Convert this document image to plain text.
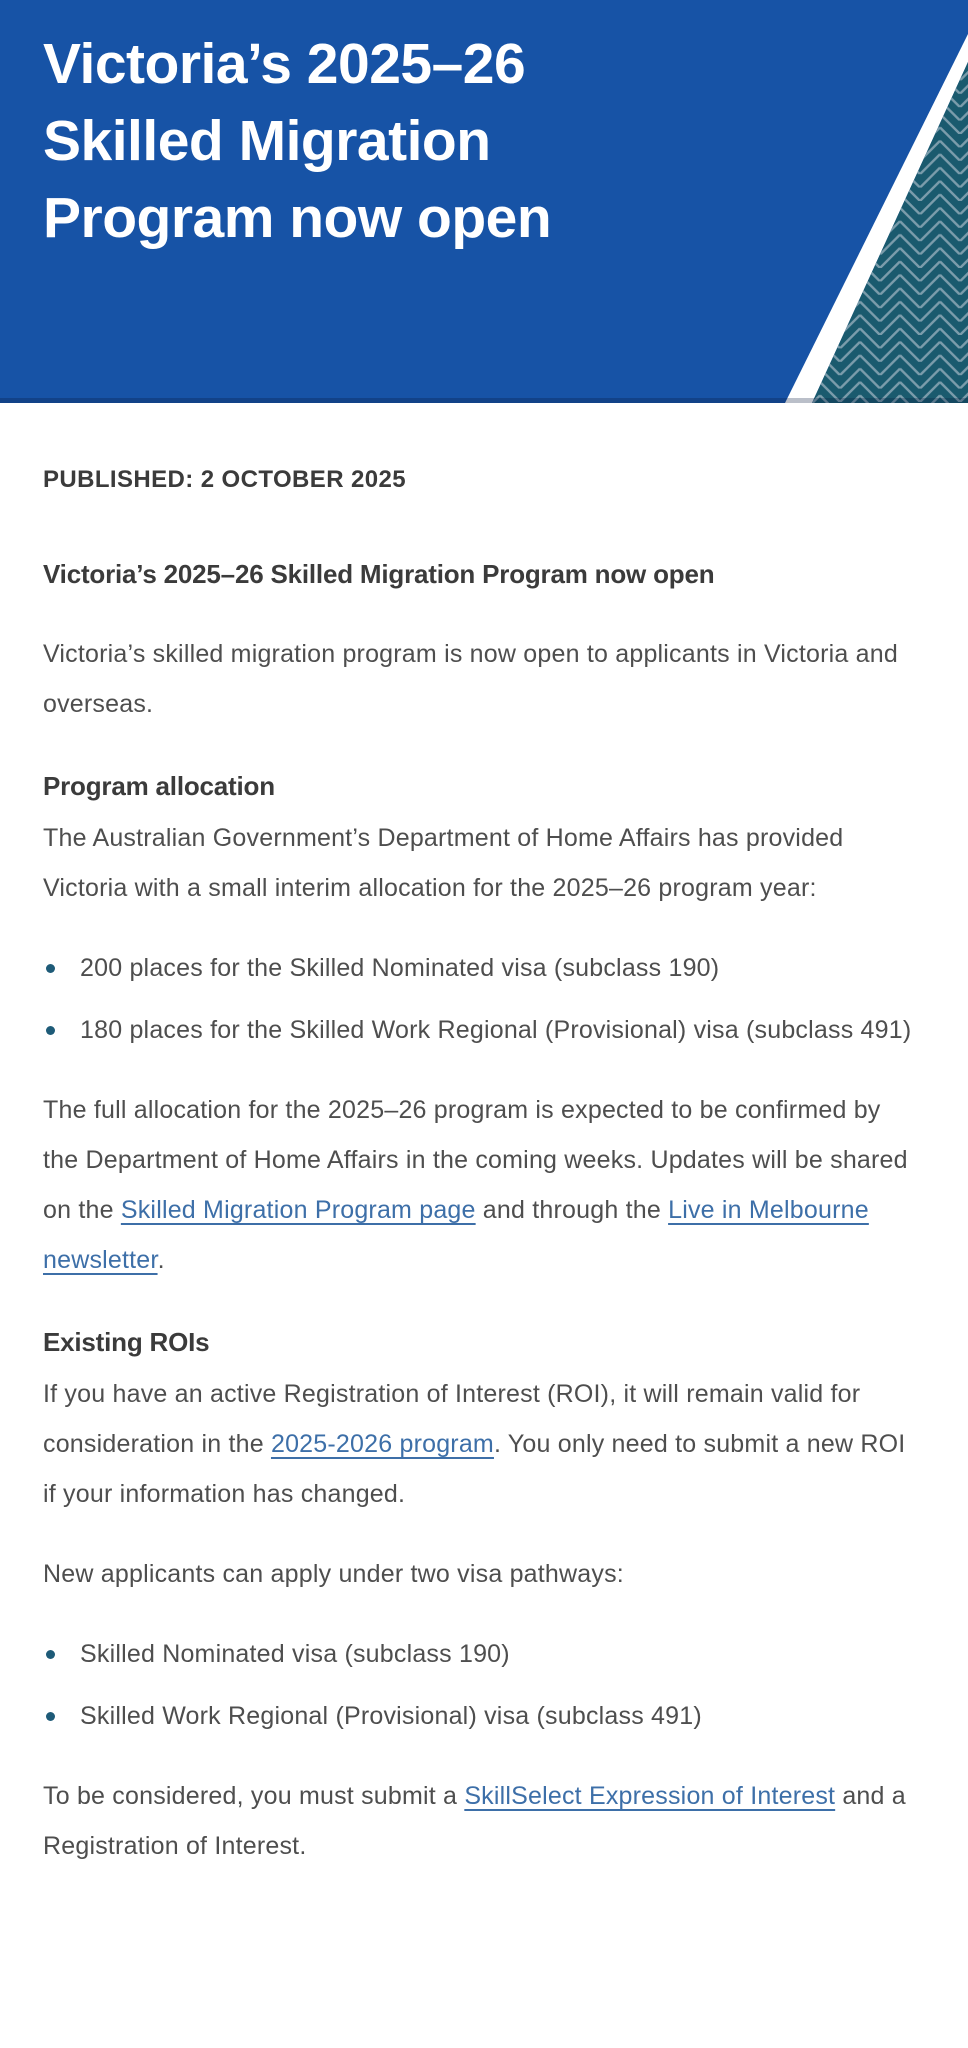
Victoria’s 2025–26
Skilled Migration
Program now open

PUBLISHED: 2 OCTOBER 2025

Victoria’s 2025–26 Skilled Migration Program now open

Victoria’s skilled migration program is now open to applicants in Victoria and overseas.

Program allocation

The Australian Government’s Department of Home Affairs has provided Victoria with a small interim allocation for the 2025–26 program year:

200 places for the Skilled Nominated visa (subclass 190)
180 places for the Skilled Work Regional (Provisional) visa (subclass 491)

The full allocation for the 2025–26 program is expected to be confirmed by the Department of Home Affairs in the coming weeks. Updates will be shared on the Skilled Migration Program page and through the Live in Melbourne newsletter.

Existing ROIs

If you have an active Registration of Interest (ROI), it will remain valid for consideration in the 2025-2026 program. You only need to submit a new ROI if your information has changed.

New applicants can apply under two visa pathways:

Skilled Nominated visa (subclass 190)
Skilled Work Regional (Provisional) visa (subclass 491)

To be considered, you must submit a SkillSelect Expression of Interest and a Registration of Interest.
